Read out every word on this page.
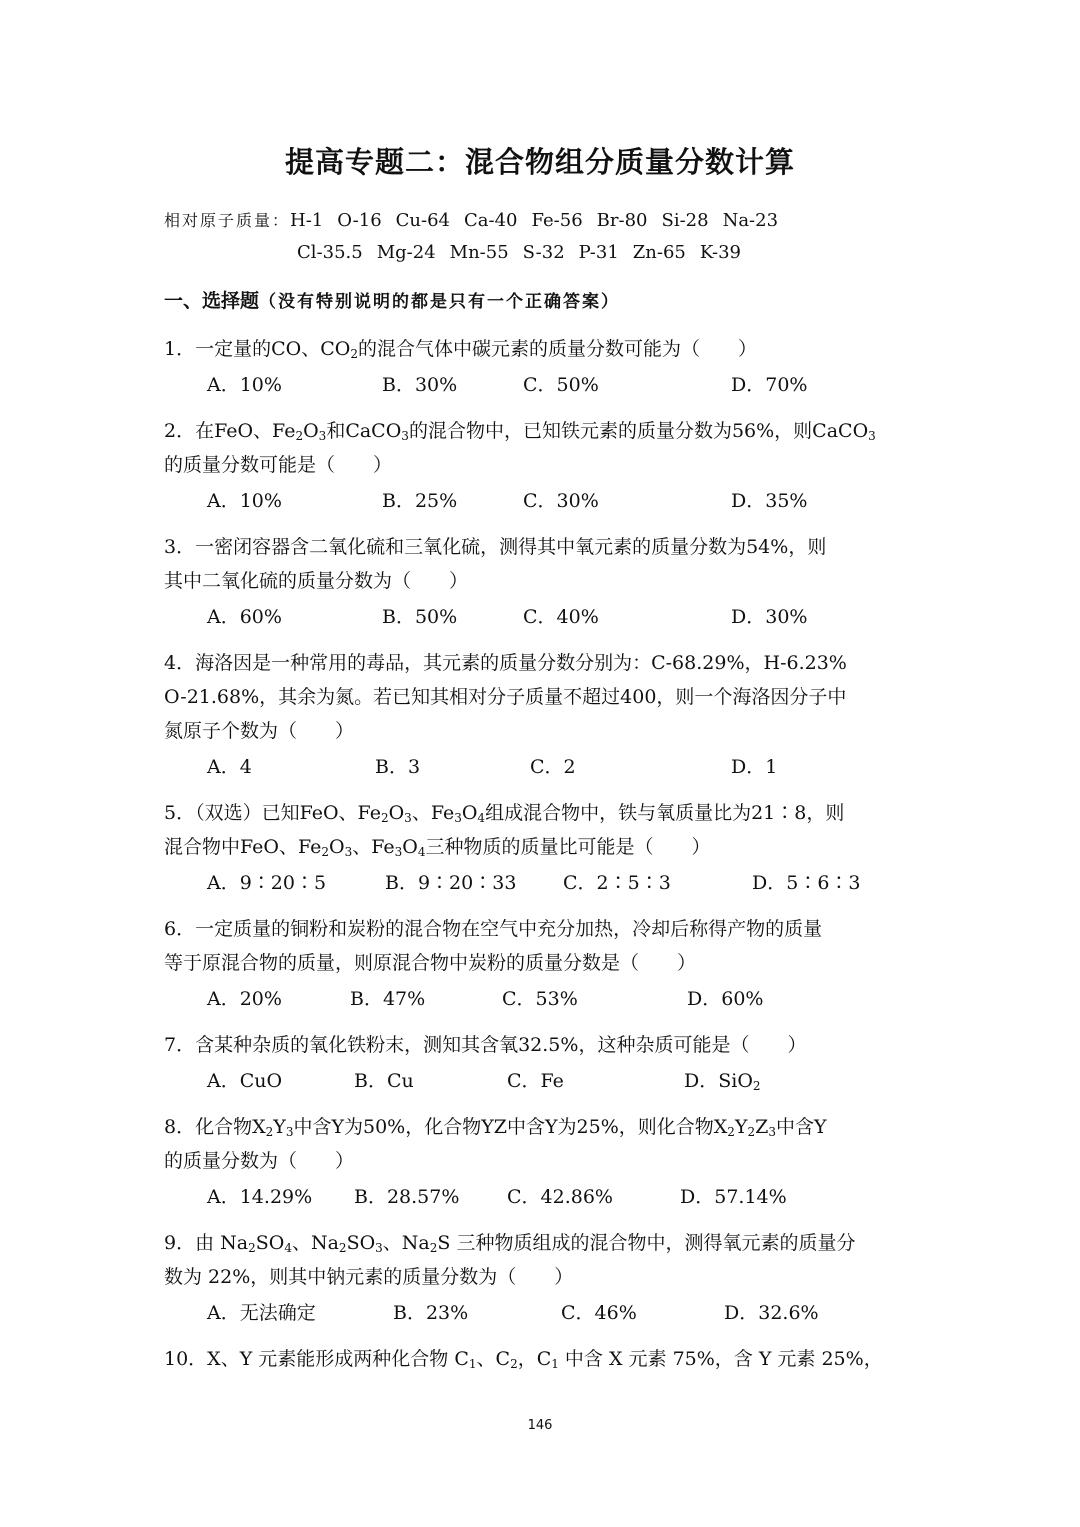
提高专题二：混合物组分质量分数计算
相对原子质量：H-1 O-16 Cu-64 Ca-40 Fe-56 Br-80 Si-28 Na-23
Cl-35.5 Mg-24 Mn-55 S-32 P-31 Zn-65 K-39
一、选择题（没有特别说明的都是只有一个正确答案）
1．一定量的CO、$CO_2$的混合气体中碳元素的质量分数可能为（　　）
A．10%	B．30%	C．50%	D．70%
2．在FeO、$Fe_2O_3$和CaCO$_3$的混合物中，已知铁元素的质量分数为56%，则CaCO$_3$
的质量分数可能是（　　）
A．10%	B．25%	C．30%	D．35%
3．一密闭容器含二氧化硫和三氧化硫，测得其中氧元素的质量分数为54%，则
其中二氧化硫的质量分数为（　　）
A．60%	B．50%	C．40%	D．30%
4．海洛因是一种常用的毒品，其元素的质量分数分别为：C-68.29%，H-6.23%
O-21.68%，其余为氮。若已知其相对分子质量不超过400，则一个海洛因分子中
氮原子个数为（　　）
A．4	B．3	C．2	D．1
5．（双选）已知FeO、$Fe_2O_3$、$Fe_3O_4$组成混合物中，铁与氧质量比为21∶8，则
混合物中FeO、$Fe_2O_3$、$Fe_3O_4$三种物质的质量比可能是（　　）
A．9∶20∶5	B．9∶20∶33 C．2∶5∶3	D．5∶6∶3
6．一定质量的铜粉和炭粉的混合物在空气中充分加热，冷却后称得产物的质量
等于原混合物的质量，则原混合物中炭粉的质量分数是（　　）
A．20%	B．47%	C．53%	D．60%
7．含某种杂质的氧化铁粉末，测知其含氧32.5%，这种杂质可能是（　　）
A．CuO	B．Cu	C．Fe	D．SiO$_2$
8．化合物$X_2Y_3$中含Y为50%，化合物YZ中含Y为25%，则化合物$X_2Y_2Z_3$中含Y
的质量分数为（　　）
A．14.29% B．28.57%	C．42.86%	D．57.14%
9．由 $Na_2SO_4$、$Na_2SO_3$、$Na_2S$ 三种物质组成的混合物中，测得氧元素的质量分
数为 22%，则其中钠元素的质量分数为（　　）
A．无法确定	B．23%	C．46%	D．32.6%
10．X、Y 元素能形成两种化合物 $C_1$、$C_2$，$C_1$ 中含 X 元素 75%，含 Y 元素 25%，
146
